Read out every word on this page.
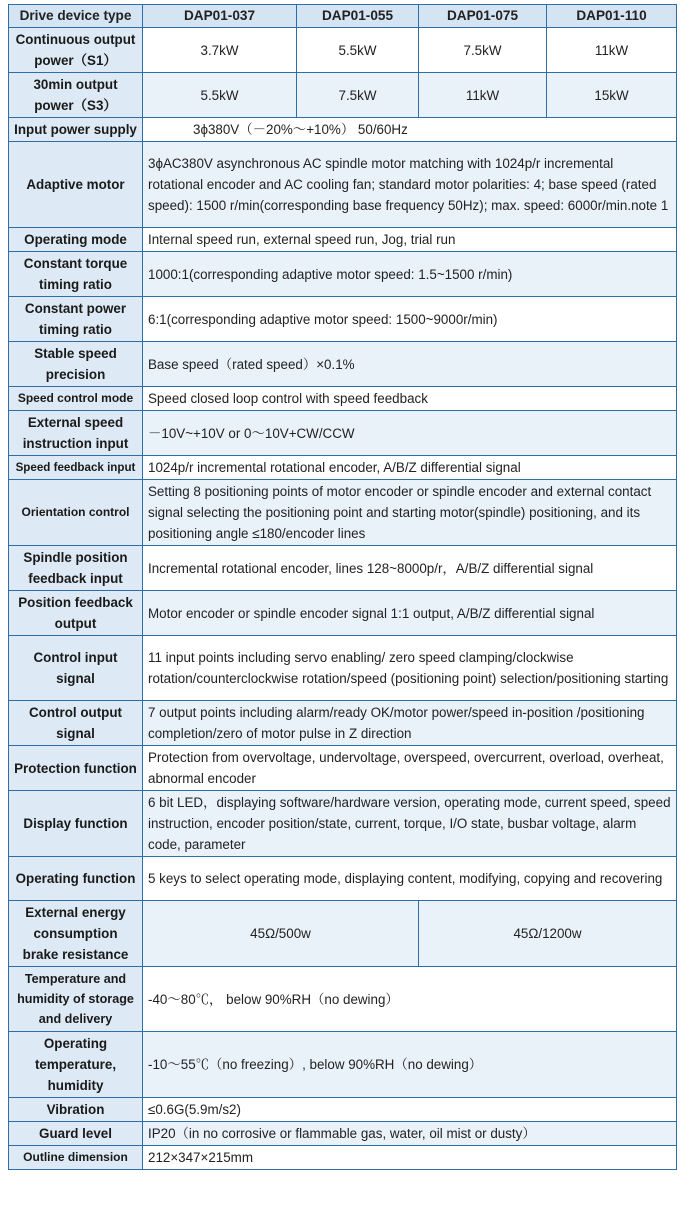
Drive device type	DAP01-037	DAP01-055	DAP01-075	DAP01-110
Continuous output power（S1）	3.7kW	5.5kW	7.5kW	11kW
30min output power（S3）	5.5kW	7.5kW	11kW	15kW
Input power supply	3ϕ380V（－20%～+10%） 50/60Hz			
Adaptive motor	3ϕAC380V asynchronous AC spindle motor matching with 1024p/r incremental rotational encoder and AC cooling fan; standard motor polarities: 4; base speed (rated speed): 1500 r/min(corresponding base frequency 50Hz); max. speed: 6000r/min.note 1			
Operating mode	Internal speed run, external speed run, Jog, trial run			
Constant torque timing ratio	1000:1(corresponding adaptive motor speed: 1.5~1500 r/min)			
Constant power timing ratio	6:1(corresponding adaptive motor speed: 1500~9000r/min)			
Stable speed precision	Base speed（rated speed）×0.1%			
Speed control mode	Speed closed loop control with speed feedback			
External speed instruction input	－10V~+10V or 0～10V+CW/CCW			
Speed feedback input	1024p/r incremental rotational encoder, A/B/Z differential signal			
Orientation control	Setting 8 positioning points of motor encoder or spindle encoder and external contact signal selecting the positioning point and starting motor(spindle) positioning, and its positioning angle ≤180/encoder lines			
Spindle position feedback input	Incremental rotational encoder, lines 128~8000p/r，A/B/Z differential signal			
Position feedback output	Motor encoder or spindle encoder signal 1:1 output, A/B/Z differential signal			
Control input signal	11 input points including servo enabling/ zero speed clamping/clockwise rotation/counterclockwise rotation/speed (positioning point) selection/positioning starting			
Control output signal	7 output points including alarm/ready OK/motor power/speed in-position /positioning completion/zero of motor pulse in Z direction			
Protection function	Protection from overvoltage, undervoltage, overspeed, overcurrent, overload, overheat, abnormal encoder			
Display function	6 bit LED，displaying software/hardware version, operating mode, current speed, speed instruction, encoder position/state, current, torque, I/O state, busbar voltage, alarm code, parameter			
Operating function	5 keys to select operating mode, displaying content, modifying, copying and recovering			
External energy consumption brake resistance	45Ω/500w		45Ω/1200w	
Temperature and humidity of storage and delivery	-40～80℃， below 90%RH（no dewing）			
Operating temperature, humidity	-10～55℃（no freezing）, below 90%RH（no dewing）			
Vibration	≤0.6G(5.9m/s2)			
Guard level	IP20（in no corrosive or flammable gas, water, oil mist or dusty）			
Outline dimension	212×347×215mm			
